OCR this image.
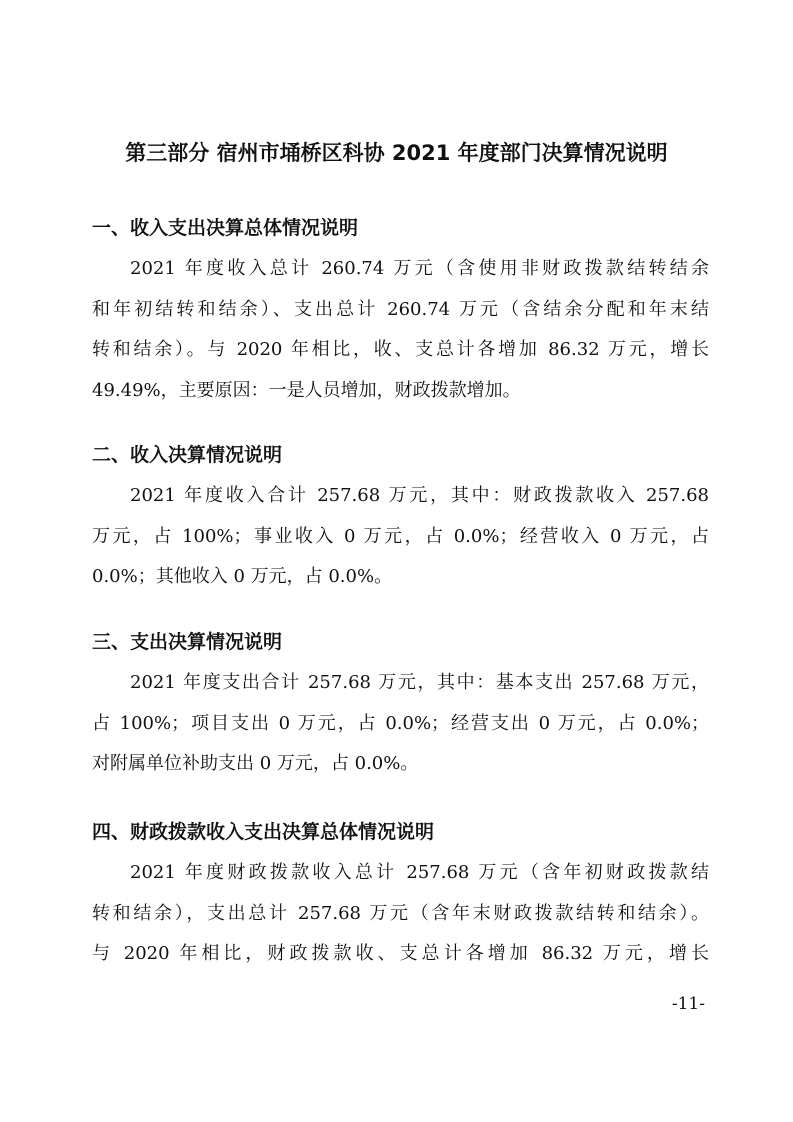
第三部分 宿州市埇桥区科协 2021 年度部门决算情况说明
一、收入支出决算总体情况说明
2021 年度收入总计 260.74 万元（含使用非财政拨款结转结余
和年初结转和结余）、支出总计 260.74 万元（含结余分配和年末结
转和结余）。与 2020 年相比，收、支总计各增加 86.32 万元，增长
49.49%，主要原因：一是人员增加，财政拨款增加。
二、收入决算情况说明
2021 年度收入合计 257.68 万元，其中：财政拨款收入 257.68
万元，占 100%；事业收入 0 万元，占 0.0%；经营收入 0 万元，占
0.0%；其他收入 0 万元，占 0.0%。
三、支出决算情况说明
2021 年度支出合计 257.68 万元，其中：基本支出 257.68 万元，
占 100%；项目支出 0 万元，占 0.0%；经营支出 0 万元，占 0.0%；
对附属单位补助支出 0 万元，占 0.0%。
四、财政拨款收入支出决算总体情况说明
2021 年度财政拨款收入总计 257.68 万元（含年初财政拨款结
转和结余），支出总计 257.68 万元（含年末财政拨款结转和结余）。
与 2020 年相比，财政拨款收、支总计各增加 86.32 万元，增长
-11-
